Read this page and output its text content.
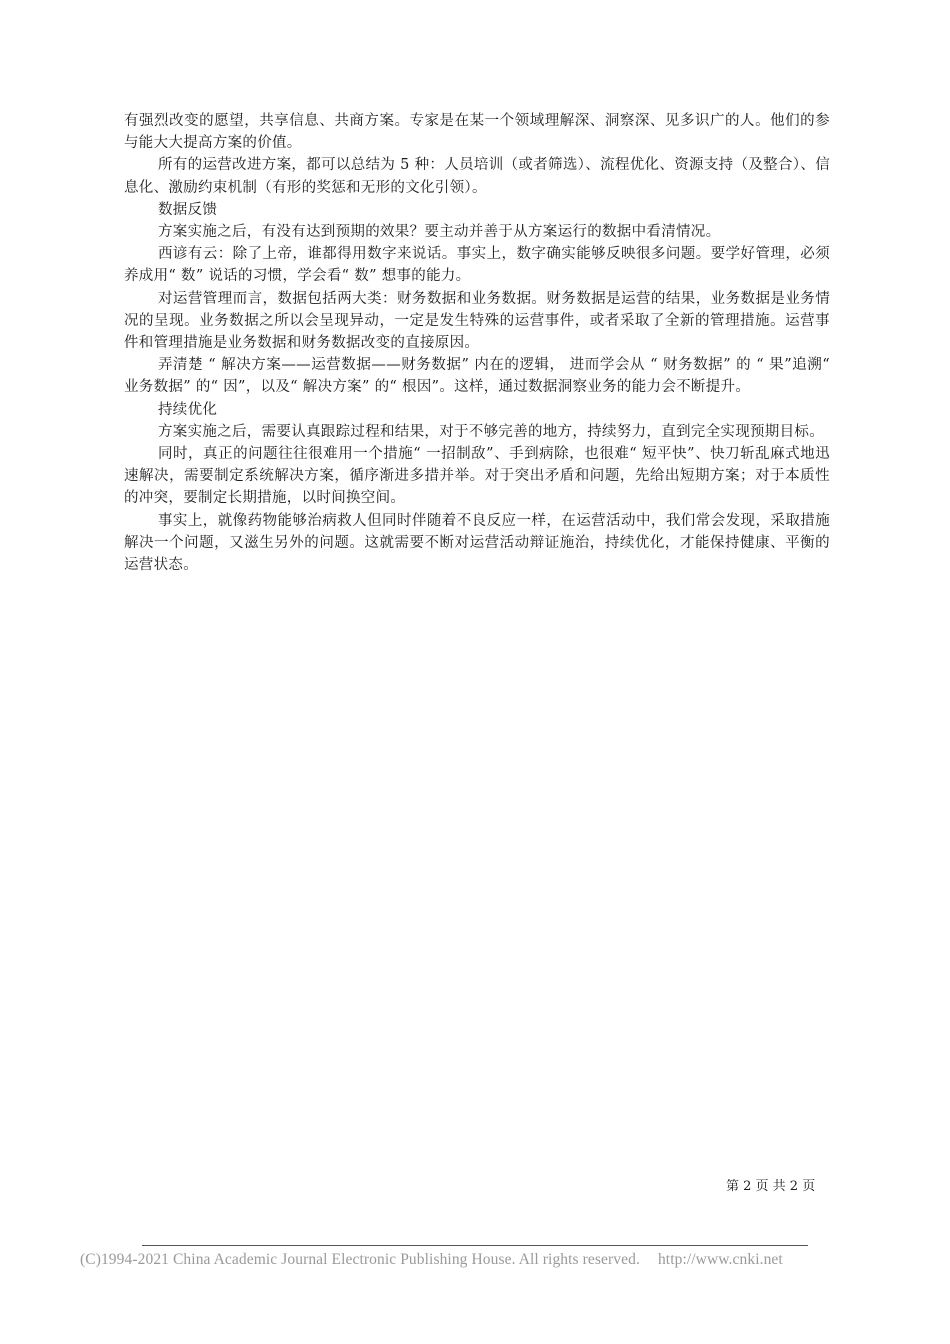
有强烈改变的愿望，共享信息、共商方案。专家是在某一个领域理解深、洞察深、见多识广的人。他们的参与能大大提高方案的价值。

所有的运营改进方案，都可以总结为 5 种：人员培训（或者筛选）、流程优化、资源支持（及整合）、信息化、激励约束机制（有形的奖惩和无形的文化引领）。

数据反馈

方案实施之后，有没有达到预期的效果？要主动并善于从方案运行的数据中看清情况。

西谚有云：除了上帝，谁都得用数字来说话。事实上，数字确实能够反映很多问题。要学好管理，必须养成用“ 数” 说话的习惯，学会看“ 数” 想事的能力。

对运营管理而言，数据包括两大类：财务数据和业务数据。财务数据是运营的结果，业务数据是业务情况的呈现。业务数据之所以会呈现异动，一定是发生特殊的运营事件，或者采取了全新的管理措施。运营事件和管理措施是业务数据和财务数据改变的直接原因。

弄清楚 “ 解决方案——运营数据——财务数据” 内在的逻辑， 进而学会从 “ 财务数据” 的 “ 果”追溯“ 业务数据” 的“ 因”，以及“ 解决方案” 的“ 根因”。这样，通过数据洞察业务的能力会不断提升。

持续优化

方案实施之后，需要认真跟踪过程和结果，对于不够完善的地方，持续努力，直到完全实现预期目标。

同时，真正的问题往往很难用一个措施“ 一招制敌”、手到病除，也很难“ 短平快”、快刀斩乱麻式地迅速解决，需要制定系统解决方案，循序渐进多措并举。对于突出矛盾和问题，先给出短期方案；对于本质性的冲突，要制定长期措施，以时间换空间。

事实上，就像药物能够治病救人但同时伴随着不良反应一样，在运营活动中，我们常会发现，采取措施解决一个问题，又滋生另外的问题。这就需要不断对运营活动辩证施治，持续优化，才能保持健康、平衡的运营状态。

第 2 页 共 2 页
(C)1994-2021 China Academic Journal Electronic Publishing House. All rights reserved. http://www.cnki.net
